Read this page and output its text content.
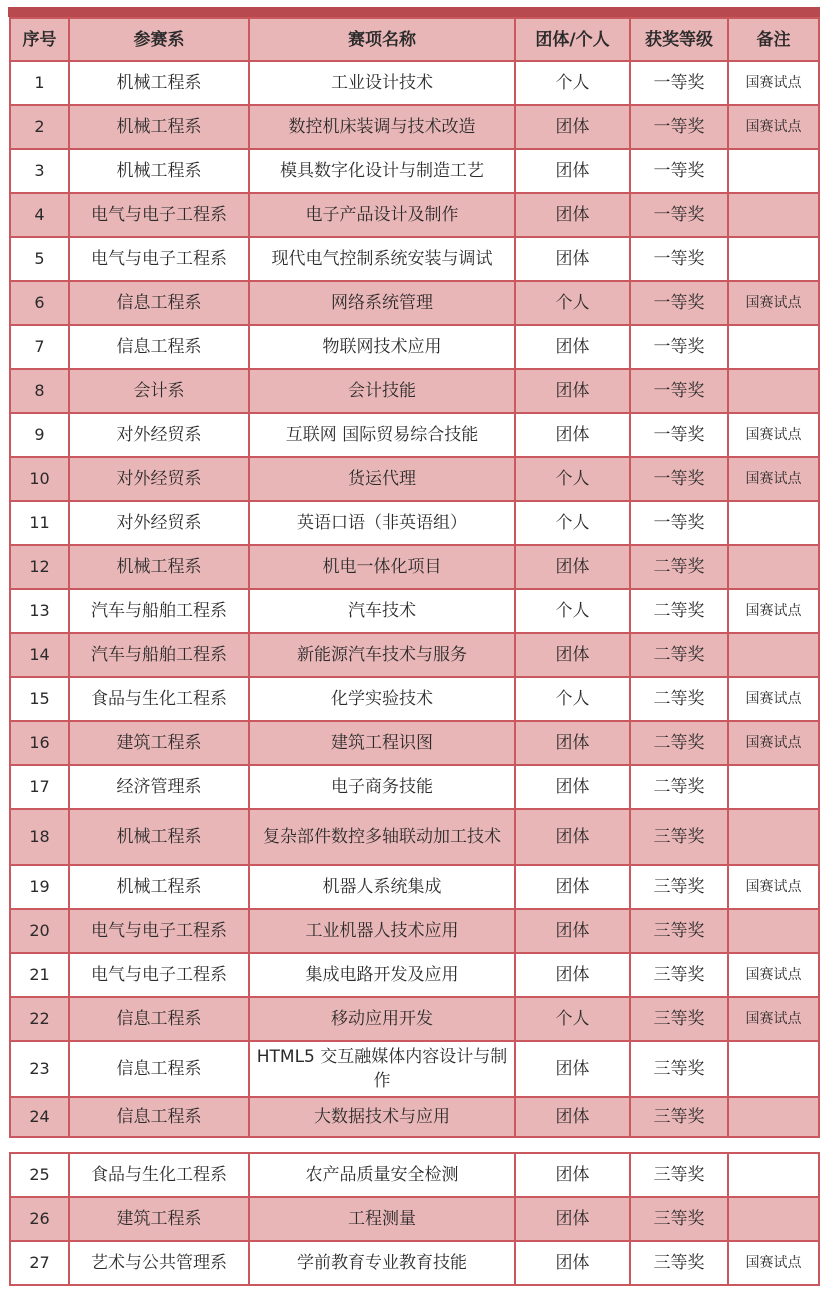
序号	参赛系	赛项名称	团体/个人	获奖等级	备注
1	机械工程系	工业设计技术	个人	一等奖	国赛试点
2	机械工程系	数控机床装调与技术改造	团体	一等奖	国赛试点
3	机械工程系	模具数字化设计与制造工艺	团体	一等奖	
4	电气与电子工程系	电子产品设计及制作	团体	一等奖	
5	电气与电子工程系	现代电气控制系统安装与调试	团体	一等奖	
6	信息工程系	网络系统管理	个人	一等奖	国赛试点
7	信息工程系	物联网技术应用	团体	一等奖	
8	会计系	会计技能	团体	一等奖	
9	对外经贸系	互联网 国际贸易综合技能	团体	一等奖	国赛试点
10	对外经贸系	货运代理	个人	一等奖	国赛试点
11	对外经贸系	英语口语（非英语组）	个人	一等奖	
12	机械工程系	机电一体化项目	团体	二等奖	
13	汽车与船舶工程系	汽车技术	个人	二等奖	国赛试点
14	汽车与船舶工程系	新能源汽车技术与服务	团体	二等奖	
15	食品与生化工程系	化学实验技术	个人	二等奖	国赛试点
16	建筑工程系	建筑工程识图	团体	二等奖	国赛试点
17	经济管理系	电子商务技能	团体	二等奖	
18	机械工程系	复杂部件数控多轴联动加工技术	团体	三等奖	
19	机械工程系	机器人系统集成	团体	三等奖	国赛试点
20	电气与电子工程系	工业机器人技术应用	团体	三等奖	
21	电气与电子工程系	集成电路开发及应用	团体	三等奖	国赛试点
22	信息工程系	移动应用开发	个人	三等奖	国赛试点
23	信息工程系	HTML5 交互融媒体内容设计与制作	团体	三等奖	
24	信息工程系	大数据技术与应用	团体	三等奖	
25	食品与生化工程系	农产品质量安全检测	团体	三等奖	
26	建筑工程系	工程测量	团体	三等奖	
27	艺术与公共管理系	学前教育专业教育技能	团体	三等奖	国赛试点
